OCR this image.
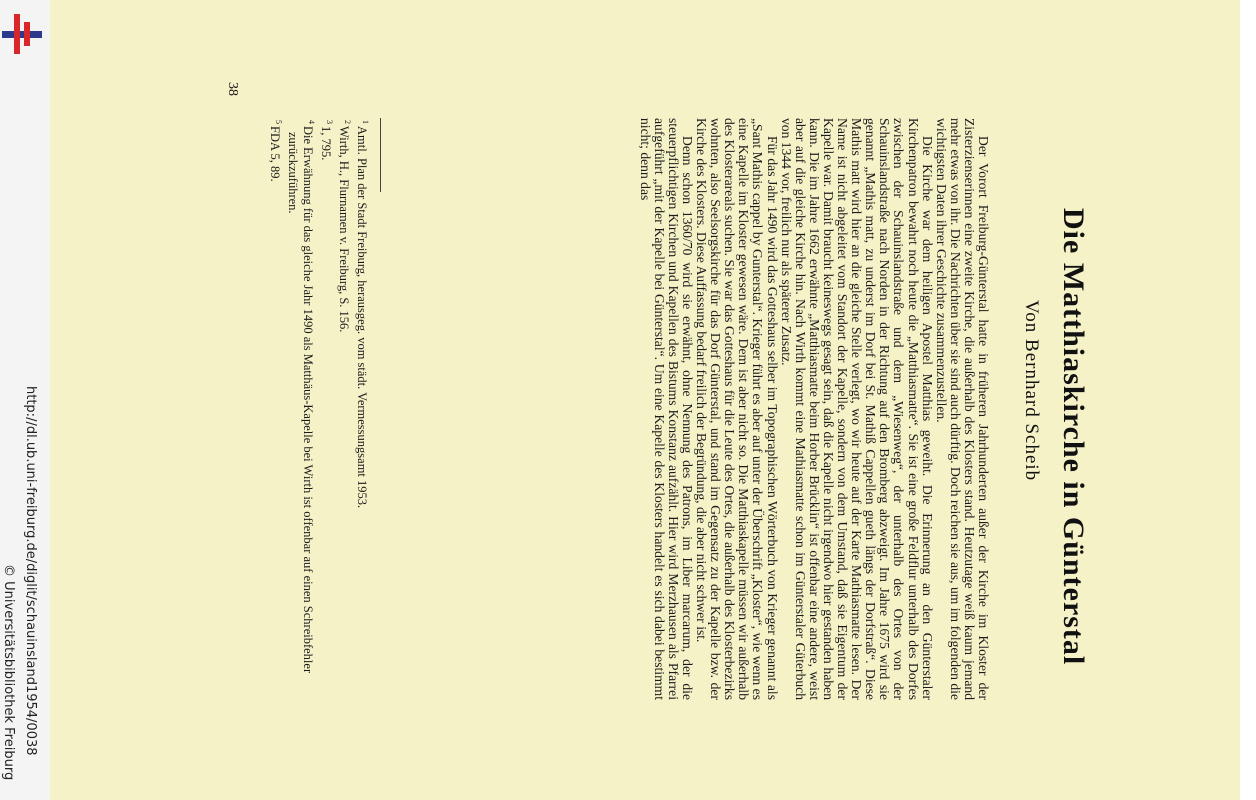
http://dl.ub.uni-freiburg.de/diglit/schauinsland1954/0038
© Universitätsbibliothek Freiburg
Die Matthiaskirche in Günterstal
Von Bernhard Scheib

Der Vorort Freiburg-Günterstal hatte in früheren Jahrhunderten außer der Kirche im Kloster der Zisterzienserinnen eine zweite Kirche, die außerhalb des Klosters stand. Heutzutage weiß kaum jemand mehr etwas von ihr. Die Nachrichten über sie sind auch dürftig. Doch reichen sie aus, um im folgenden die wichtigsten Daten ihrer Geschichte zusammenzustellen.

Die Kirche war dem heiligen Apostel Matthias geweiht. Die Erinnerung an den Günterstaler Kirchenpatron bewahrt noch heute die „Matthiasmatte“. Sie ist eine große Feldflur unterhalb des Dorfes zwischen der Schauinslandstraße und dem „Wiesenweg“, der unterhalb des Ortes von der Schauinslandstraße nach Norden in der Richtung auf den Bromberg abzweigt. Im Jahre 1675 wird sie genannt „Mathis matt, zu underst im Dorf bei St. Mathiß Cappellen gueth längs der Dorfstraß“. Diese Mathis matt wird hier an die gleiche Stelle verlegt, wo wir heute auf der Karte Mathiasmatte lesen. Der Name ist nicht abgeleitet vom Standort der Kapelle, sondern von dem Umstand, daß sie Eigentum der Kapelle war. Damit braucht keineswegs gesagt sein, daß die Kapelle nicht irgendwo hier gestanden haben kann. Die im Jahre 1662 erwähnte „Matthiasmatte beim Horber Brücklin“ ist offenbar eine andere, weist aber auf die gleiche Kirche hin. Nach Wirth kommt eine Mathiasmatte schon im Günterstaler Güterbuch von 1344 vor, freilich nur als späterer Zusatz.

Für das Jahr 1490 wird das Gotteshaus selber im Topographischen Wörterbuch von Krieger genannt als „Sant Mathis cappel by Gunterstal“. Krieger führt es aber auf unter der Überschrift „Kloster“, wie wenn es eine Kapelle im Kloster gewesen wäre. Dem ist aber nicht so. Die Matthiaskapelle müssen wir außerhalb des Klosterareals suchen. Sie war das Gotteshaus für die Leute des Ortes, die außerhalb des Klosterbezirks wohnten, also Seelsorgskirche für das Dorf Günterstal, und stand im Gegensatz zu der Kapelle bzw. der Kirche des Klosters. Diese Auffassung bedarf freilich der Begründung, die aber nicht schwer ist.

Denn schon 1360/70 wird sie erwähnt, ohne Nennung des Patrons, im Liber marcarum, der die steuerpflichtigen Kirchen und Kapellen des Bistums Konstanz aufzählt. Hier wird Merzhausen als Pfarrei aufgeführt „mit der Kapelle bei Günterstal“. Um eine Kapelle des Klosters handelt es sich dabei bestimmt nicht; denn das

$^1$Amtl. Plan der Stadt Freiburg, herausgeg. vom städt. Vermessungsamt 1953.

$^2$Wirth, H., Flurnamen v. Freiburg, S. 156.

$^3$1, 795.

$^4$Die Erwähnung für das gleiche Jahr 1490 als Matthäus-Kapelle bei Wirth ist offenbar auf einen Schreibfehler zurückzuführen.

$^5$FDA 5, 89.

38
